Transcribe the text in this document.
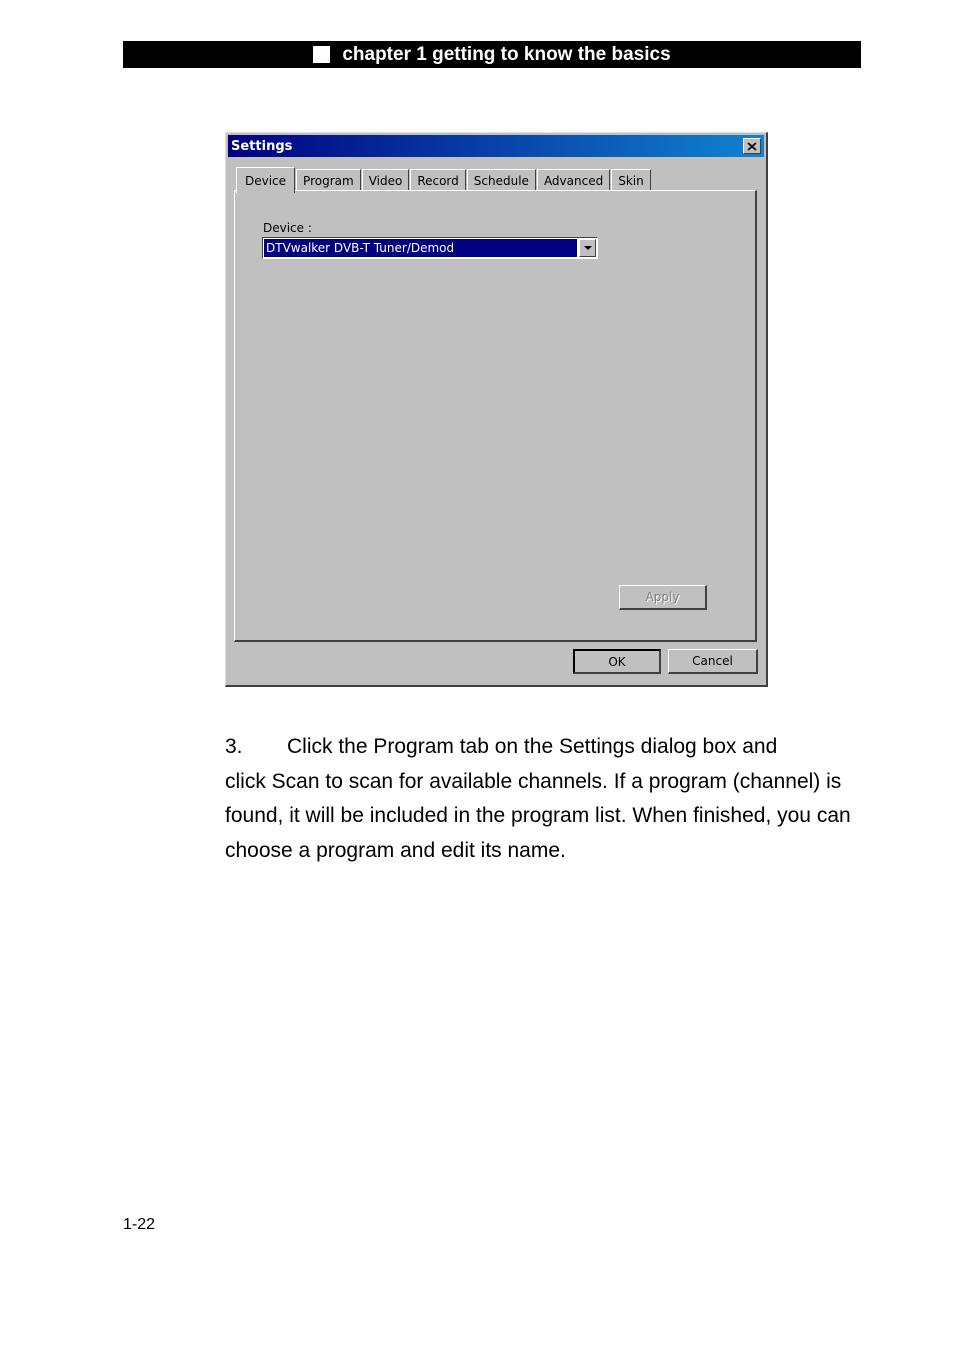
chapter 1 getting to know the basics
Settings
Device	Program	Video	Record	Schedule	Advanced	Skin
Device :
DTVwalker DVB-T Tuner/Demod
Apply
OK	Cancel
3. Click the Program tab on the Settings dialog box and
click Scan to scan for available channels. If a program (channel) is found, it will be included in the program list. When finished, you can choose a program and edit its name.
1-22
